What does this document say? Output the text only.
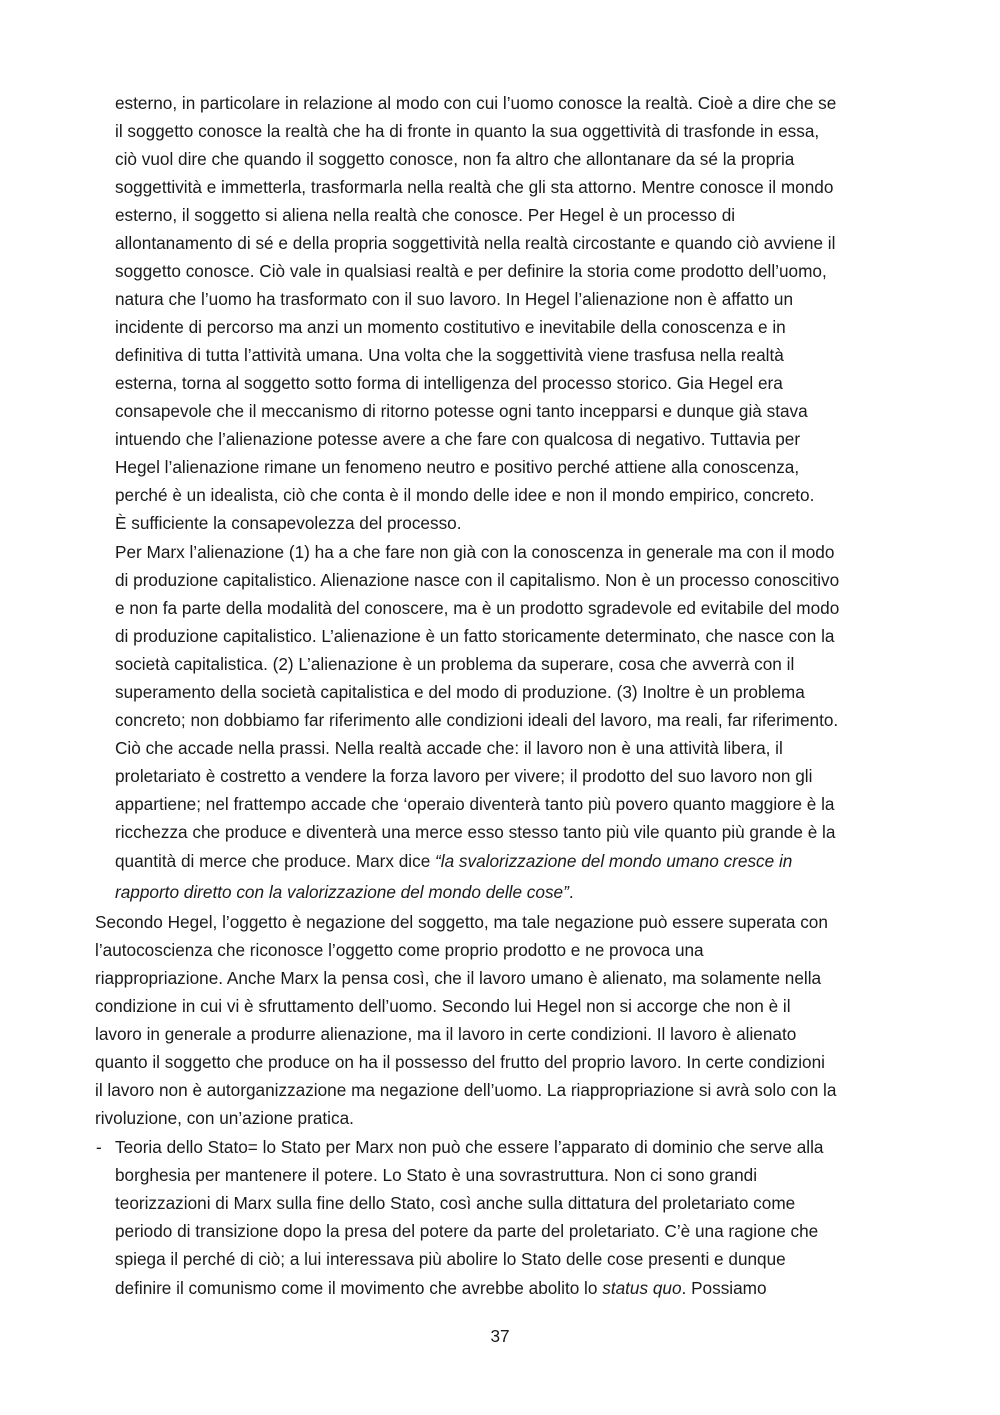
esterno, in particolare in relazione al modo con cui l’uomo conosce la realtà. Cioè a dire che se
il soggetto conosce la realtà che ha di fronte in quanto la sua oggettività di trasfonde in essa,
ciò vuol dire che quando il soggetto conosce, non fa altro che allontanare da sé la propria
soggettività e immetterla, trasformarla nella realtà che gli sta attorno. Mentre conosce il mondo
esterno, il soggetto si aliena nella realtà che conosce. Per Hegel è un processo di
allontanamento di sé e della propria soggettività nella realtà circostante e quando ciò avviene il
soggetto conosce. Ciò vale in qualsiasi realtà e per definire la storia come prodotto dell’uomo,
natura che l’uomo ha trasformato con il suo lavoro. In Hegel l’alienazione non è affatto un
incidente di percorso ma anzi un momento costitutivo e inevitabile della conoscenza e in
definitiva di tutta l’attività umana. Una volta che la soggettività viene trasfusa nella realtà
esterna, torna al soggetto sotto forma di intelligenza del processo storico. Gia Hegel era
consapevole che il meccanismo di ritorno potesse ogni tanto incepparsi e dunque già stava
intuendo che l’alienazione potesse avere a che fare con qualcosa di negativo. Tuttavia per
Hegel l’alienazione rimane un fenomeno neutro e positivo perché attiene alla conoscenza,
perché è un idealista, ciò che conta è il mondo delle idee e non il mondo empirico, concreto.
È sufficiente la consapevolezza del processo.
Per Marx l’alienazione (1) ha a che fare non già con la conoscenza in generale ma con il modo
di produzione capitalistico. Alienazione nasce con il capitalismo. Non è un processo conoscitivo
e non fa parte della modalità del conoscere, ma è un prodotto sgradevole ed evitabile del modo
di produzione capitalistico. L’alienazione è un fatto storicamente determinato, che nasce con la
società capitalistica. (2) L’alienazione è un problema da superare, cosa che avverrà con il
superamento della società capitalistica e del modo di produzione. (3) Inoltre è un problema
concreto; non dobbiamo far riferimento alle condizioni ideali del lavoro, ma reali, far riferimento.
Ciò che accade nella prassi. Nella realtà accade che: il lavoro non è una attività libera, il
proletariato è costretto a vendere la forza lavoro per vivere; il prodotto del suo lavoro non gli
appartiene; nel frattempo accade che ‘operaio diventerà tanto più povero quanto maggiore è la
ricchezza che produce e diventerà una merce esso stesso tanto più vile quanto più grande è la
quantità di merce che produce. Marx dice “la svalorizzazione del mondo umano cresce in
rapporto diretto con la valorizzazione del mondo delle cose”.
Secondo Hegel, l’oggetto è negazione del soggetto, ma tale negazione può essere superata con
l’autocoscienza che riconosce l’oggetto come proprio prodotto e ne provoca una
riappropriazione. Anche Marx la pensa così, che il lavoro umano è alienato, ma solamente nella
condizione in cui vi è sfruttamento dell’uomo. Secondo lui Hegel non si accorge che non è il
lavoro in generale a produrre alienazione, ma il lavoro in certe condizioni. Il lavoro è alienato
quanto il soggetto che produce on ha il possesso del frutto del proprio lavoro. In certe condizioni
il lavoro non è autorganizzazione ma negazione dell’uomo. La riappropriazione si avrà solo con la
rivoluzione, con un’azione pratica.
- Teoria dello Stato= lo Stato per Marx non può che essere l’apparato di dominio che serve alla
borghesia per mantenere il potere. Lo Stato è una sovrastruttura. Non ci sono grandi
teorizzazioni di Marx sulla fine dello Stato, così anche sulla dittatura del proletariato come
periodo di transizione dopo la presa del potere da parte del proletariato. C’è una ragione che
spiega il perché di ciò; a lui interessava più abolire lo Stato delle cose presenti e dunque
definire il comunismo come il movimento che avrebbe abolito lo status quo. Possiamo
37
